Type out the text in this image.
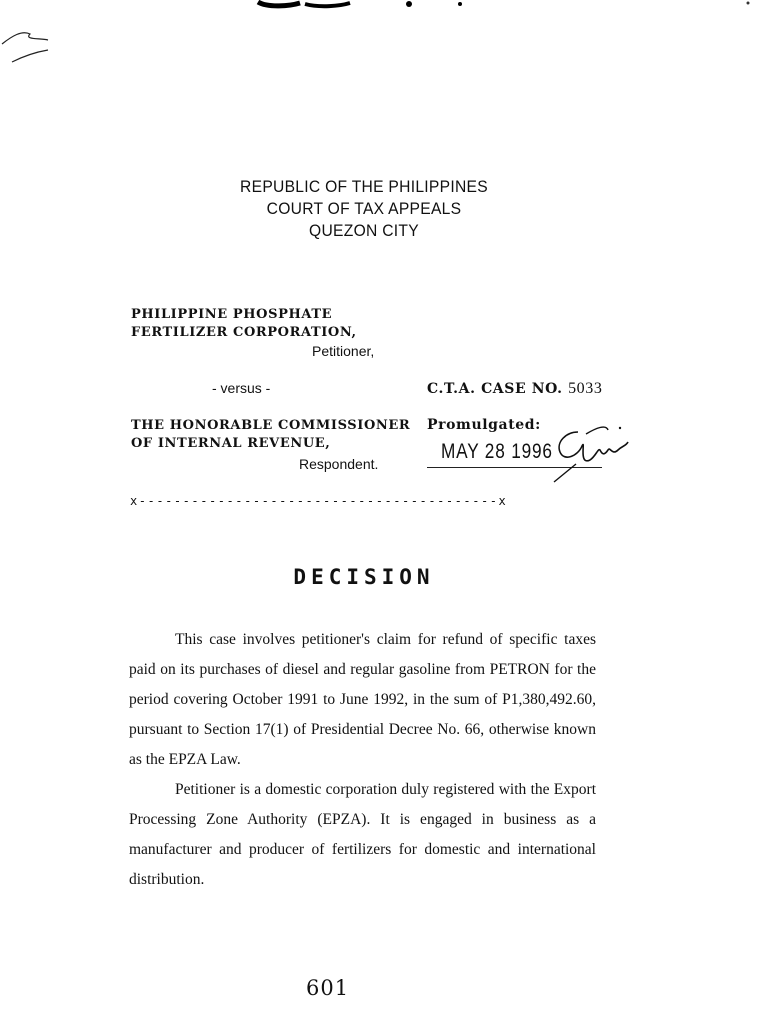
REPUBLIC OF THE PHILIPPINES
COURT OF TAX APPEALS
QUEZON CITY
PHILIPPINE PHOSPHATE
FERTILIZER CORPORATION,
Petitioner,
- versus -	C.T.A. CASE NO. 5033
THE HONORABLE COMMISSIONER
OF INTERNAL REVENUE,
Respondent.
Promulgated:
MAY 28 1996
x-----------------------------------------x
DECISION

This case involves petitioner's claim for refund of specific taxes paid on its purchases of diesel and regular gasoline from PETRON for the period covering October 1991 to June 1992, in the sum of P1,380,492.60, pursuant to Section 17(1) of Presidential Decree No. 66, otherwise known as the EPZA Law.

Petitioner is a domestic corporation duly registered with the Export Processing Zone Authority (EPZA). It is engaged in business as a manufacturer and producer of fertilizers for domestic and international distribution.

601
